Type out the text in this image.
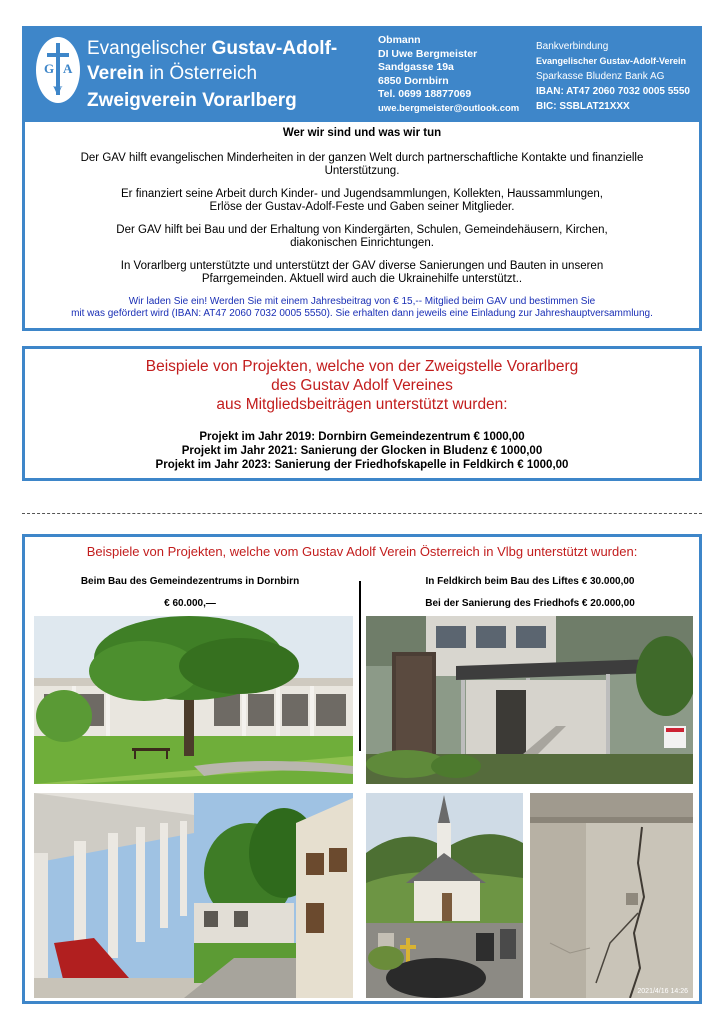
G A
V
Evangelischer Gustav-Adolf-
Verein in Österreich
Zweigverein Vorarlberg
Obmann
DI Uwe Bergmeister
Sandgasse 19a
6850 Dornbirn
Tel. 0699 18877069
uwe.bergmeister@outlook.com
Bankverbindung
Evangelischer Gustav-Adolf-Verein
Sparkasse Bludenz Bank AG
IBAN: AT47 2060 7032 0005 5550
BIC: SSBLAT21XXX
Wer wir sind und was wir tun

Der GAV hilft evangelischen Minderheiten in der ganzen Welt durch partnerschaftliche Kontakte und finanzielle Unterstützung.

Er finanziert seine Arbeit durch Kinder- und Jugendsammlungen, Kollekten, Haussammlungen, Erlöse der Gustav-Adolf-Feste und Gaben seiner Mitglieder.

Der GAV hilft bei Bau und der Erhaltung von Kindergärten, Schulen, Gemeindehäusern, Kirchen, diakonischen Einrichtungen.

In Vorarlberg unterstützte und unterstützt der GAV diverse Sanierungen und Bauten in unseren Pfarrgemeinden. Aktuell wird auch die Ukrainehilfe unterstützt..

Wir laden Sie ein! Werden Sie mit einem Jahresbeitrag von € 15,-- Mitglied beim GAV und bestimmen Sie

mit was gefördert wird (IBAN: AT47 2060 7032 0005 5550). Sie erhalten dann jeweils eine Einladung zur Jahreshauptversammlung.

Beispiele von Projekten, welche von der Zweigstelle Vorarlberg
des Gustav Adolf Vereines
aus Mitgliedsbeiträgen unterstützt wurden:
Projekt im Jahr 2019: Dornbirn Gemeindezentrum € 1000,00
Projekt im Jahr 2021: Sanierung der Glocken in Bludenz € 1000,00
Projekt im Jahr 2023: Sanierung der Friedhofskapelle in Feldkirch € 1000,00
Beispiele von Projekten, welche vom Gustav Adolf Verein Österreich in Vlbg unterstützt wurden:
Beim Bau des Gemeindezentrums in Dornbirn
€ 60.000,—
In Feldkirch beim Bau des Liftes € 30.000,00
Bei der Sanierung des Friedhofs € 20.000,00
2021/4/16 14:26
